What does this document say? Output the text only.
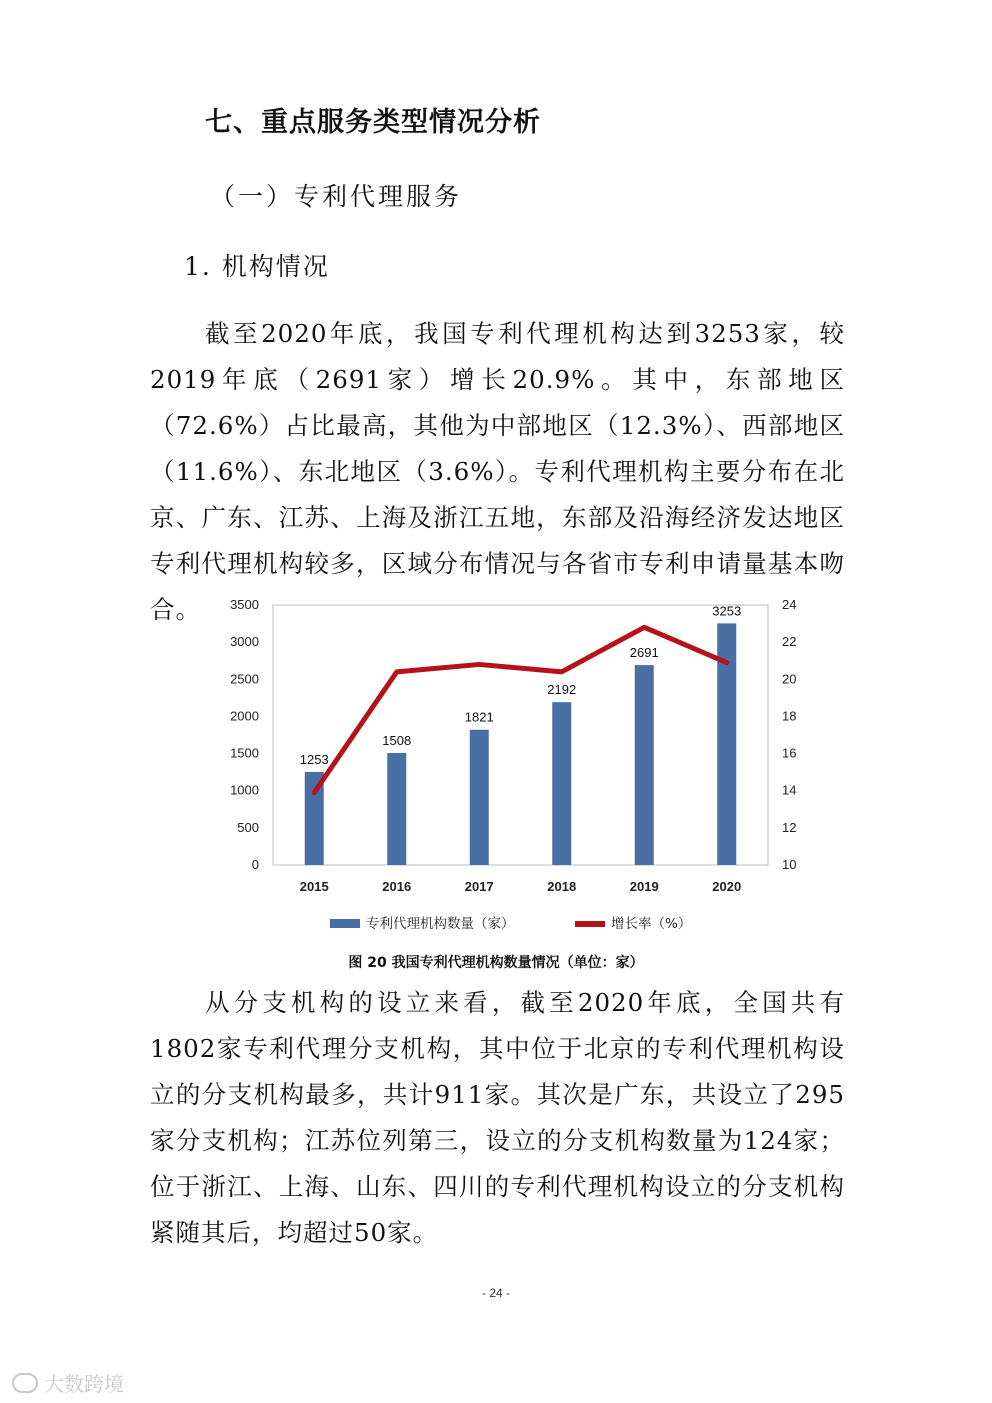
七、重点服务类型情况分析
（一）专利代理服务
1. 机构情况
截至2020年底，我国专利代理机构达到3253家，较2019年底（2691家）增长20.9%。其中，东部地区（72.6%）占比最高，其他为中部地区（12.3%）、西部地区（11.6%）、东北地区（3.6%）。专利代理机构主要分布在北京、广东、江苏、上海及浙江五地，东部及沿海经济发达地区专利代理机构较多，区域分布情况与各省市专利申请量基本吻合。
0
500
1000
1500
2000
2500
3000
3500
10
12
14
16
18
20
22
24
1253
1508
1821
2192
2691
3253
2015	2016	2017	2018	2019	2020
专利代理机构数量（家）	增长率（%）
图 20 我国专利代理机构数量情况（单位：家）
从分支机构的设立来看，截至2020年底，全国共有1802家专利代理分支机构，其中位于北京的专利代理机构设立的分支机构最多，共计911家。其次是广东，共设立了295家分支机构；江苏位列第三，设立的分支机构数量为124家；位于浙江、上海、山东、四川的专利代理机构设立的分支机构紧随其后，均超过50家。
- 24 -
大数跨境
